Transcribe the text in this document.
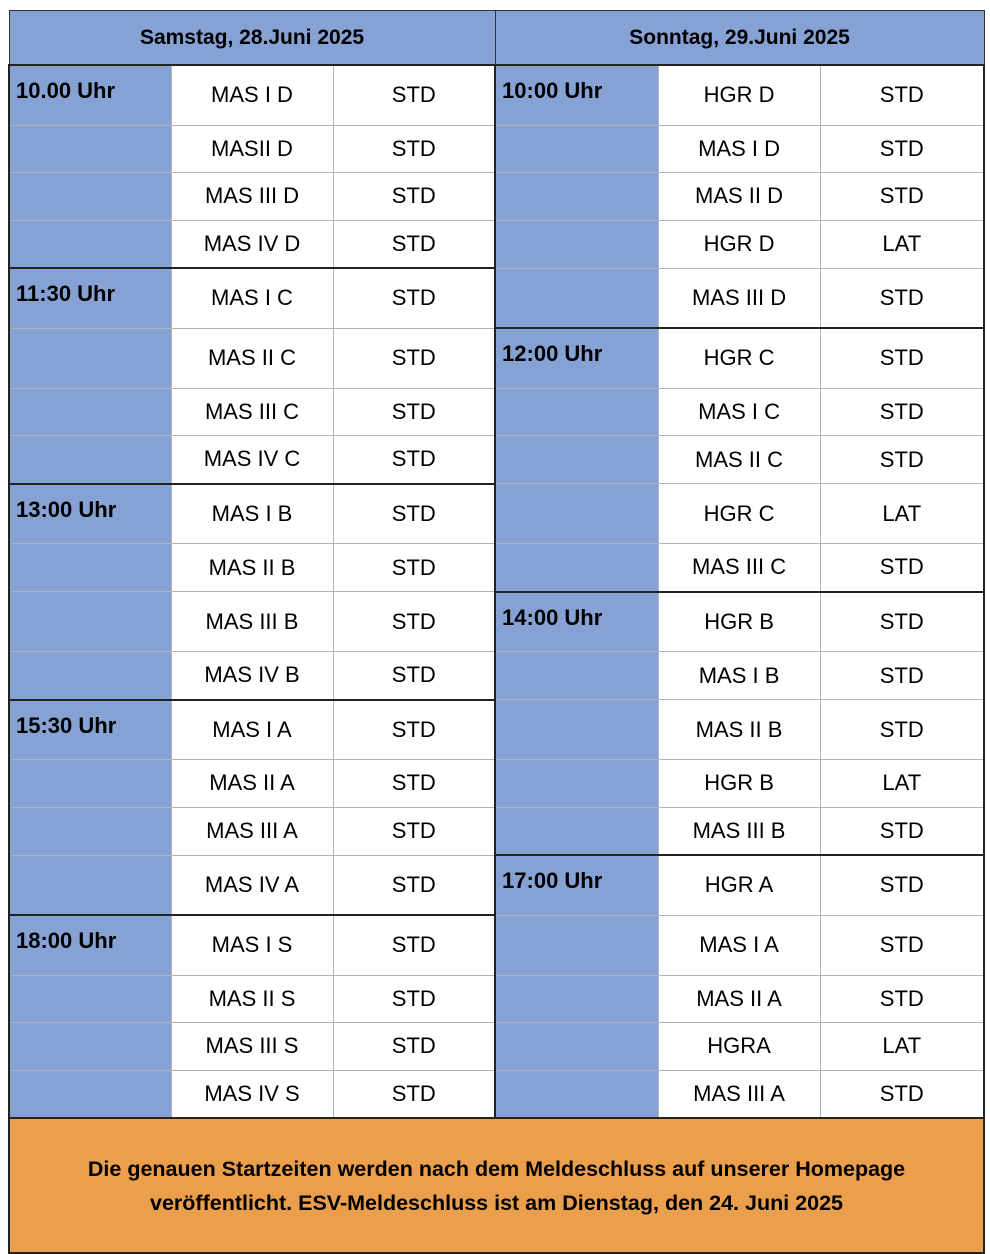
Samstag, 28.Juni 2025			Sonntag, 29.Juni 2025		
10.00 Uhr	MAS I D	STD	10:00 Uhr	HGR D	STD
	MASII D	STD		MAS I D	STD
	MAS III D	STD		MAS II D	STD
	MAS IV D	STD		HGR D	LAT
11:30 Uhr	MAS I C	STD		MAS III D	STD
	MAS II C	STD	12:00 Uhr	HGR C	STD
	MAS III C	STD		MAS I C	STD
	MAS IV C	STD		MAS II C	STD
13:00 Uhr	MAS I B	STD		HGR C	LAT
	MAS II B	STD		MAS III C	STD
	MAS III B	STD	14:00 Uhr	HGR B	STD
	MAS IV B	STD		MAS I B	STD
15:30 Uhr	MAS I A	STD		MAS II B	STD
	MAS II A	STD		HGR B	LAT
	MAS III A	STD		MAS III B	STD
	MAS IV A	STD	17:00 Uhr	HGR A	STD
18:00 Uhr	MAS I S	STD		MAS I A	STD
	MAS II S	STD		MAS II A	STD
	MAS III S	STD		HGRA	LAT
	MAS IV S	STD		MAS III A	STD
Die genauen Startzeiten werden nach dem Meldeschluss auf unserer Homepage
veröffentlicht. ESV-Meldeschluss ist am Dienstag, den 24. Juni 2025					
